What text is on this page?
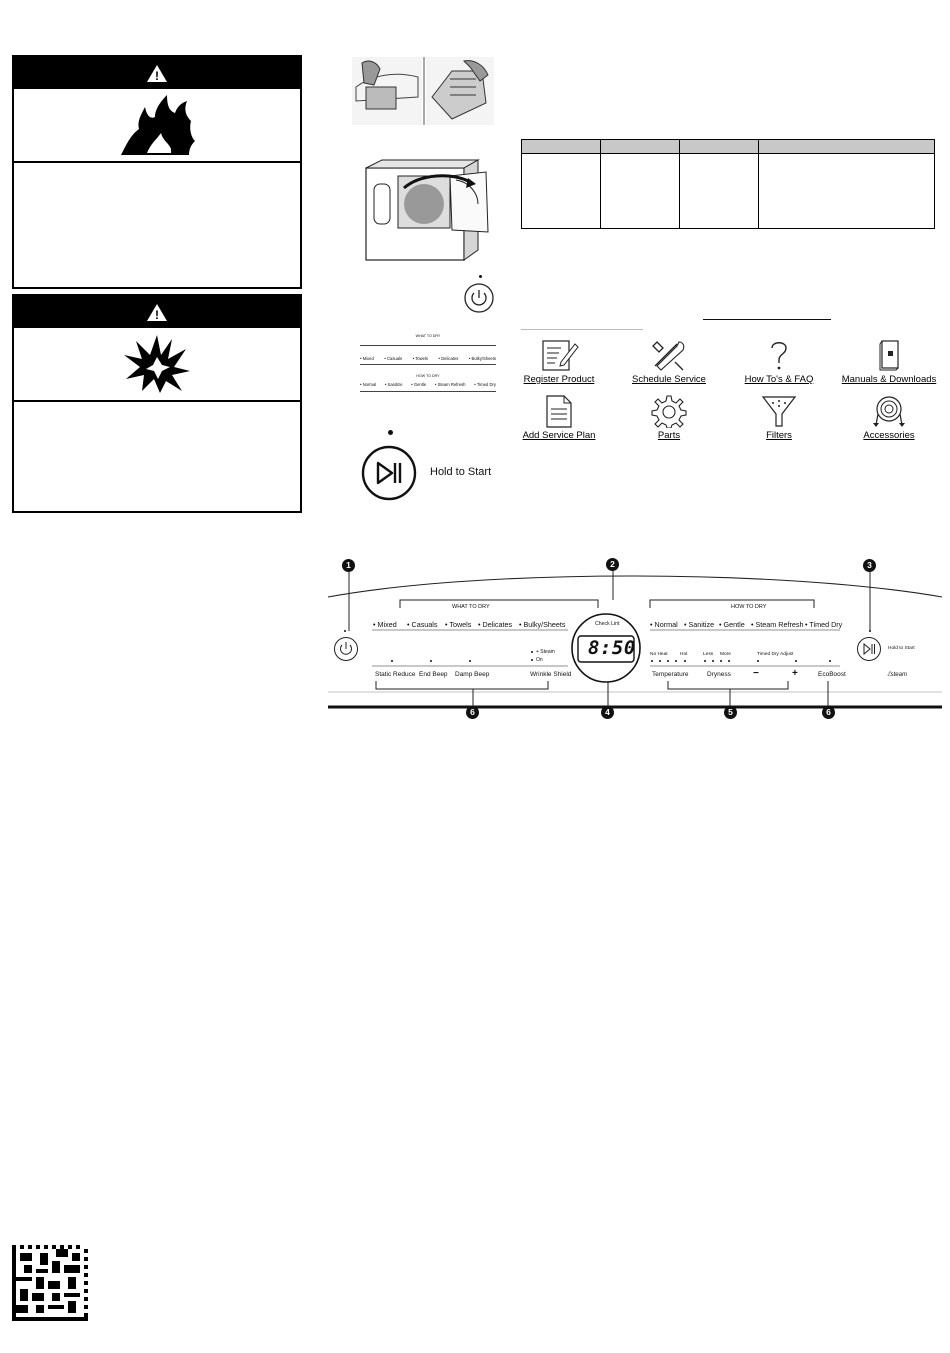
!
!
WHAT TO DRY
• Mixed	• Casuals	• Towels	• Delicates	• Bulky/Sheets
HOW TO DRY
• Normal • Sanitize • Gentle • Steam Refresh • Timed Dry
Hold to Start

Register Product	Schedule Service	How To's & FAQ	Manuals & Downloads
Add Service Plan	Parts	Filters	Accessories
1	2	3
4	5
6	6
WHAT TO DRY	HOW TO DRY
• Mixed • Casuals • Towels • Delicates • Bulky/Sheets	• Normal • Sanitize • Gentle • Steam Refresh • Timed Dry
Check Lint
8:50
+ Steam
On
Static Reduce End Beep Damp Beep	Wrinkle Shield
No Heat	Hot	Less More	Timed Dry Adjust
Temperature	Dryness −	+	EcoBoost
Hold to Start
ℰsteam
